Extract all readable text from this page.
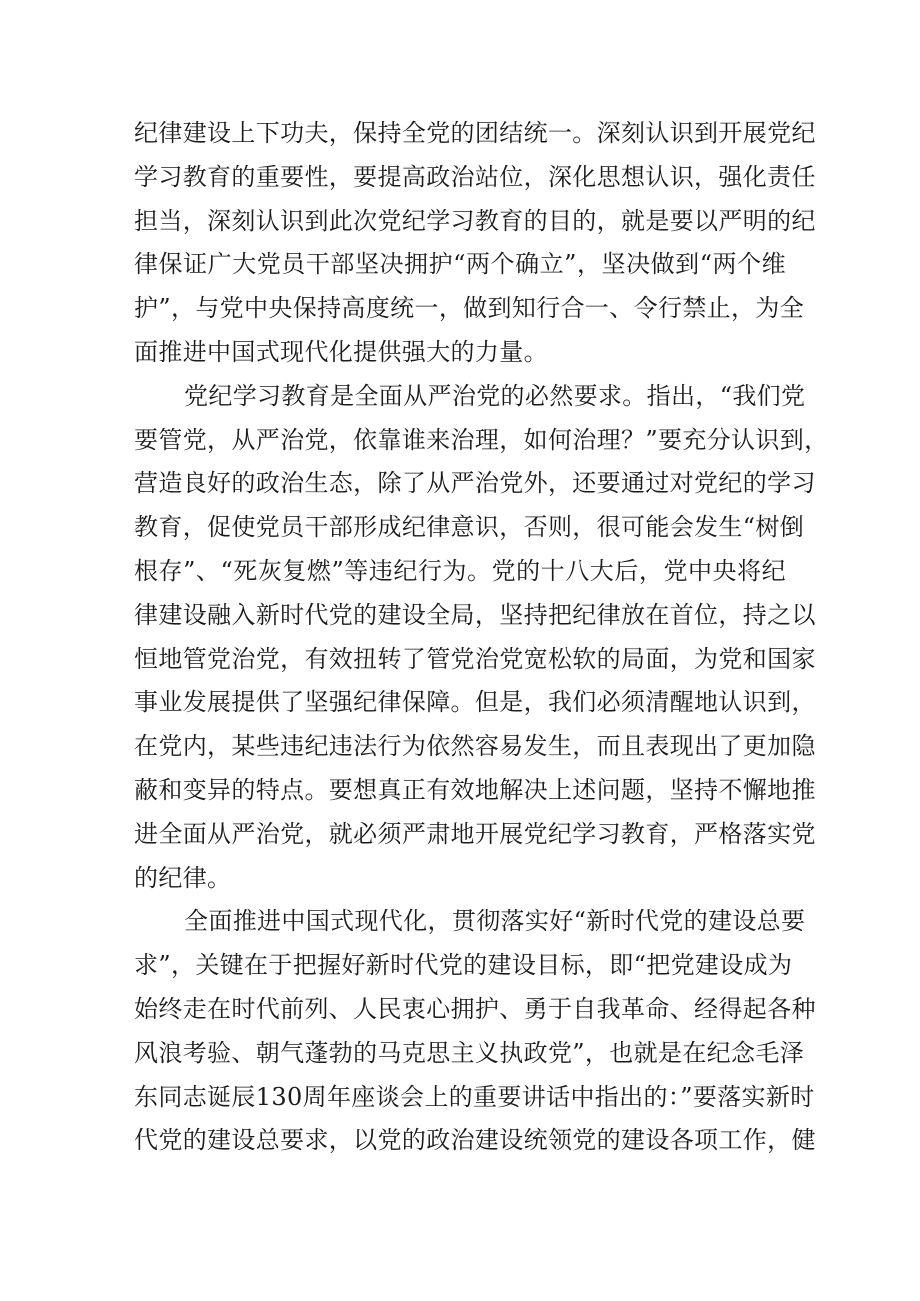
纪律建设上下功夫，保持全党的团结统一。深刻认识到开展党纪
学习教育的重要性，要提高政治站位，深化思想认识，强化责任
担当，深刻认识到此次党纪学习教育的目的，就是要以严明的纪
律保证广大党员干部坚决拥护“两个确立”，坚决做到“两个维
护”，与党中央保持高度统一，做到知行合一、令行禁止，为全
面推进中国式现代化提供强大的力量。
党纪学习教育是全面从严治党的必然要求。指出，“我们党
要管党，从严治党，依靠谁来治理，如何治理？”要充分认识到，
营造良好的政治生态，除了从严治党外，还要通过对党纪的学习
教育，促使党员干部形成纪律意识，否则，很可能会发生“树倒
根存”、“死灰复燃”等违纪行为。党的十八大后，党中央将纪
律建设融入新时代党的建设全局，坚持把纪律放在首位，持之以
恒地管党治党，有效扭转了管党治党宽松软的局面，为党和国家
事业发展提供了坚强纪律保障。但是，我们必须清醒地认识到，
在党内，某些违纪违法行为依然容易发生，而且表现出了更加隐
蔽和变异的特点。要想真正有效地解决上述问题，坚持不懈地推
进全面从严治党，就必须严肃地开展党纪学习教育，严格落实党
的纪律。
全面推进中国式现代化，贯彻落实好“新时代党的建设总要
求”，关键在于把握好新时代党的建设目标，即“把党建设成为
始终走在时代前列、人民衷心拥护、勇于自我革命、经得起各种
风浪考验、朝气蓬勃的马克思主义执政党”，也就是在纪念毛泽
东同志诞辰130周年座谈会上的重要讲话中指出的：”要落实新时
代党的建设总要求，以党的政治建设统领党的建设各项工作，健
